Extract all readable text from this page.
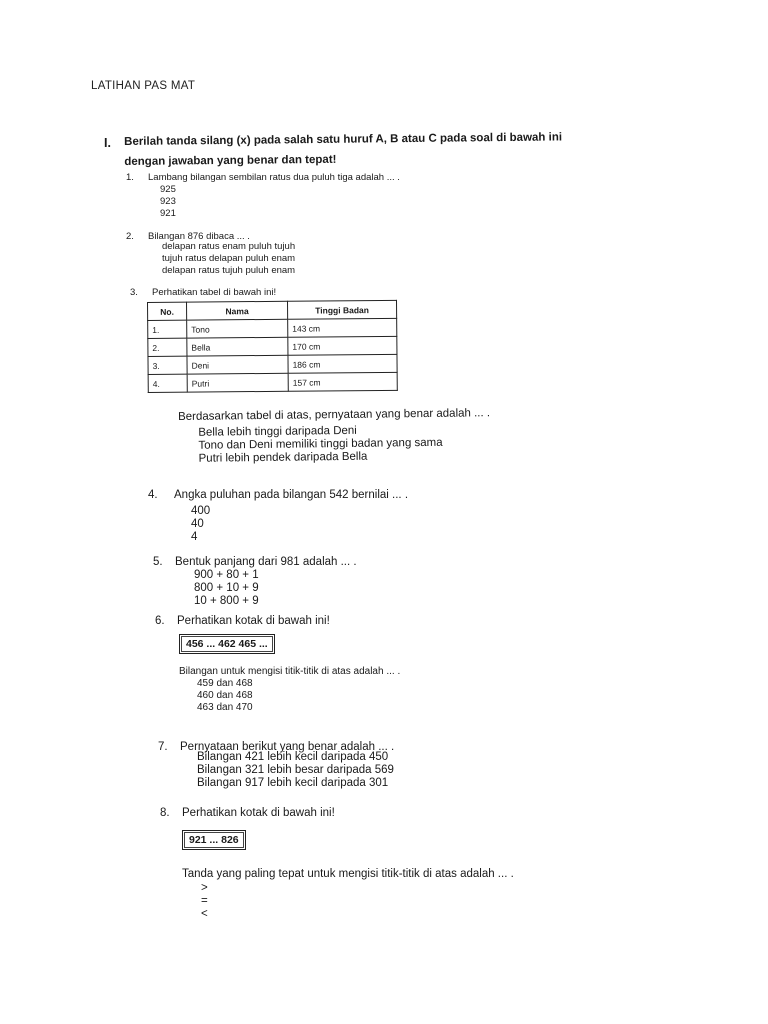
LATIHAN PAS MAT
I. Berilah tanda silang (x) pada salah satu huruf A, B atau C pada soal di bawah ini
dengan jawaban yang benar dan tepat!
1. Lambang bilangan sembilan ratus dua puluh tiga adalah ... .
925
923
921
2. Bilangan 876 dibaca ... .
delapan ratus enam puluh tujuh
tujuh ratus delapan puluh enam
delapan ratus tujuh puluh enam
3. Perhatikan tabel di bawah ini!
No.	Nama	Tinggi Badan
1.	Tono	143 cm
2.	Bella	170 cm
3.	Deni	186 cm
4.	Putri	157 cm
Berdasarkan tabel di atas, pernyataan yang benar adalah ... .
Bella lebih tinggi daripada Deni
Tono dan Deni memiliki tinggi badan yang sama
Putri lebih pendek daripada Bella
4. Angka puluhan pada bilangan 542 bernilai ... .
400
40
4
5. Bentuk panjang dari 981 adalah ... .
900 + 80 + 1
800 + 10 + 9
10 + 800 + 9
6. Perhatikan kotak di bawah ini!
456 ... 462 465 ...
Bilangan untuk mengisi titik-titik di atas adalah ... .
459 dan 468
460 dan 468
463 dan 470
7. Pernyataan berikut yang benar adalah ... .
Bilangan 421 lebih kecil daripada 450
Bilangan 321 lebih besar daripada 569
Bilangan 917 lebih kecil daripada 301
8. Perhatikan kotak di bawah ini!
921 ... 826
Tanda yang paling tepat untuk mengisi titik-titik di atas adalah ... .
>
=
<
